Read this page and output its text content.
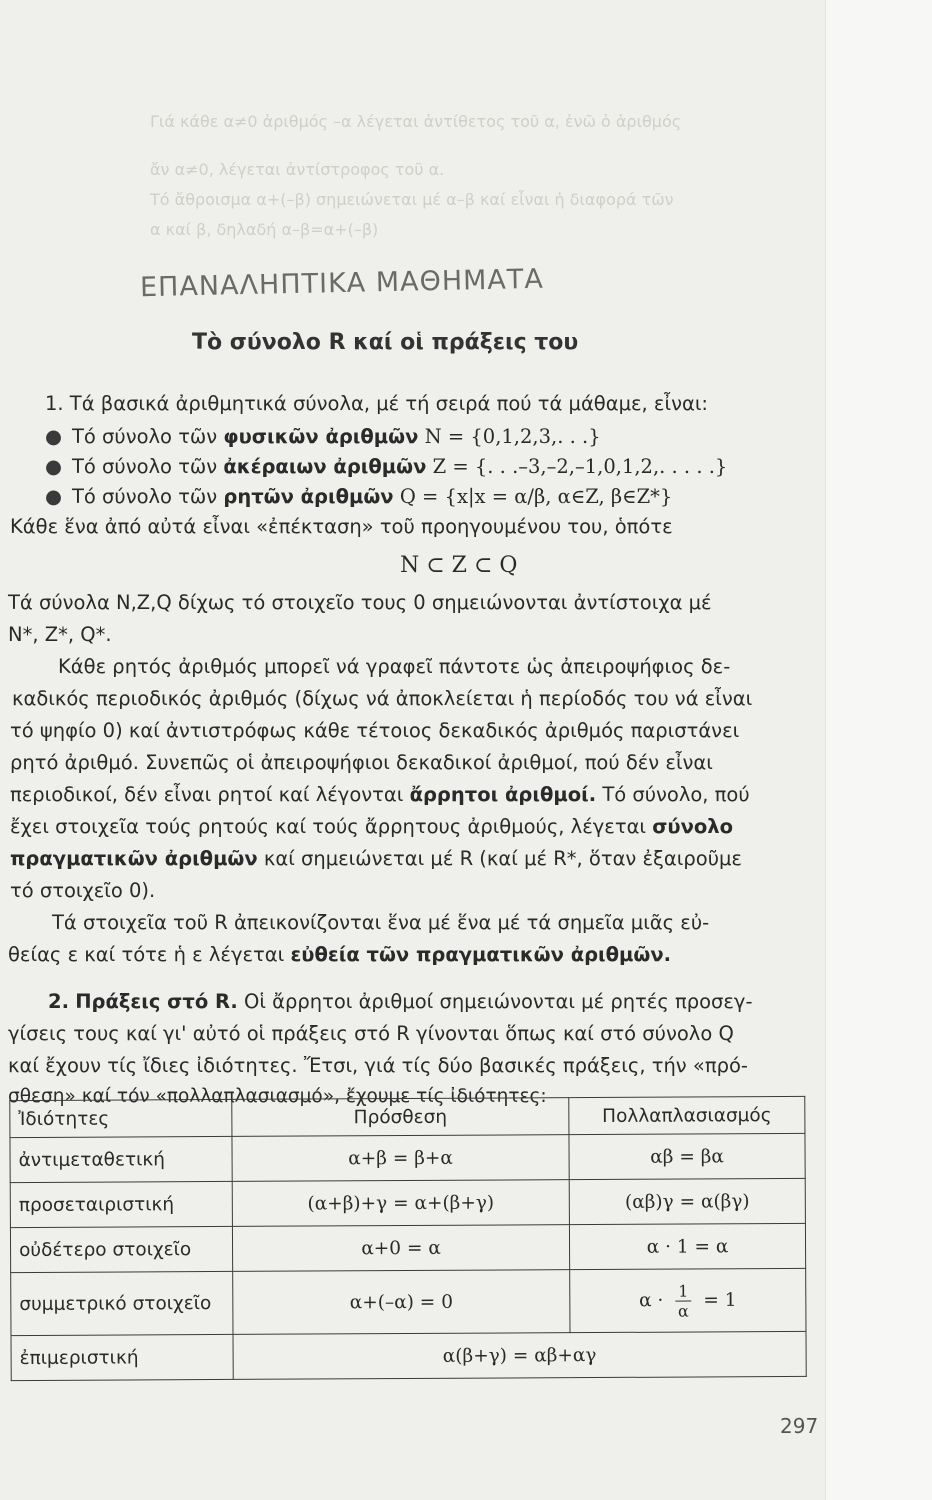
Γιά κάθε α≠0 ἀριθμός –α λέγεται ἀντίθετος τοῦ α, ἐνῶ ὁ ἀριθμός
ἄν α≠0, λέγεται ἀντίστροφος τοῦ α.
Τό ἄθροισμα α+(–β) σημειώνεται μέ α–β καί εἶναι ἡ διαφορά τῶν
α καί β, δηλαδή α–β=α+(–β)
ΕΠΑΝΑΛΗΠΤΙΚΑ ΜΑΘΗΜΑΤΑ
Τὸ σύνολο R καί οἱ πράξεις του
1. Τά βασικά ἀριθμητικά σύνολα, μέ τή σειρά πού τά μάθαμε, εἶναι:
● Τό σύνολο τῶν φυσικῶν ἀριθμῶν N = {0,1,2,3,. . .}
● Τό σύνολο τῶν ἀκέραιων ἀριθμῶν Z = {. . .–3,–2,–1,0,1,2,. . . . .}
● Τό σύνολο τῶν ρητῶν ἀριθμῶν Q = {x|x = α/β, α∈Z, β∈Z*}
Κάθε ἕνα ἀπό αὐτά εἶναι «ἐπέκταση» τοῦ προηγουμένου του, ὁπότε
N ⊂ Z ⊂ Q
Τά σύνολα N,Z,Q δίχως τό στοιχεῖο τους 0 σημειώνονται ἀντίστοιχα μέ
N*, Z*, Q*.
Κάθε ρητός ἀριθμός μπορεῖ νά γραφεῖ πάντοτε ὡς ἀπειροψήφιος δε-
καδικός περιοδικός ἀριθμός (δίχως νά ἀποκλείεται ἡ περίοδός του νά εἶναι
τό ψηφίο 0) καί ἀντιστρόφως κάθε τέτοιος δεκαδικός ἀριθμός παριστάνει
ρητό ἀριθμό. Συνεπῶς οἱ ἀπειροψήφιοι δεκαδικοί ἀριθμοί, πού δέν εἶναι
περιοδικοί, δέν εἶναι ρητοί καί λέγονται ἄρρητοι ἀριθμοί. Τό σύνολο, πού
ἔχει στοιχεῖα τούς ρητούς καί τούς ἄρρητους ἀριθμούς, λέγεται σύνολο
πραγματικῶν ἀριθμῶν καί σημειώνεται μέ R (καί μέ R*, ὅταν ἐξαιροῦμε
τό στοιχεῖο 0).
Τά στοιχεῖα τοῦ R ἀπεικονίζονται ἕνα μέ ἕνα μέ τά σημεῖα μιᾶς εὐ-
θείας ε καί τότε ἡ ε λέγεται εὐθεία τῶν πραγματικῶν ἀριθμῶν.
2. Πράξεις στό R. Οἱ ἄρρητοι ἀριθμοί σημειώνονται μέ ρητές προσεγ-
γίσεις τους καί γι' αὐτό οἱ πράξεις στό R γίνονται ὅπως καί στό σύνολο Q
καί ἔχουν τίς ἴδιες ἰδιότητες. Ἔτσι, γιά τίς δύο βασικές πράξεις, τήν «πρό-
σθεση» καί τόν «πολλαπλασιασμό», ἔχουμε τίς ἰδιότητες:
Ἰδιότητες	Πρόσθεση	Πολλαπλασιασμός
ἀντιμεταθετική	α+β = β+α	αβ = βα
προσεταιριστική	(α+β)+γ = α+(β+γ)	(αβ)γ = α(βγ)
οὐδέτερο στοιχεῖο	α+0 = α	α · 1 = α
συμμετρικό στοιχεῖο	α+(–α) = 0	$\alpha \cdot \frac{1}{\alpha} = 1$
ἐπιμεριστική	α(β+γ) = αβ+αγ	
297
